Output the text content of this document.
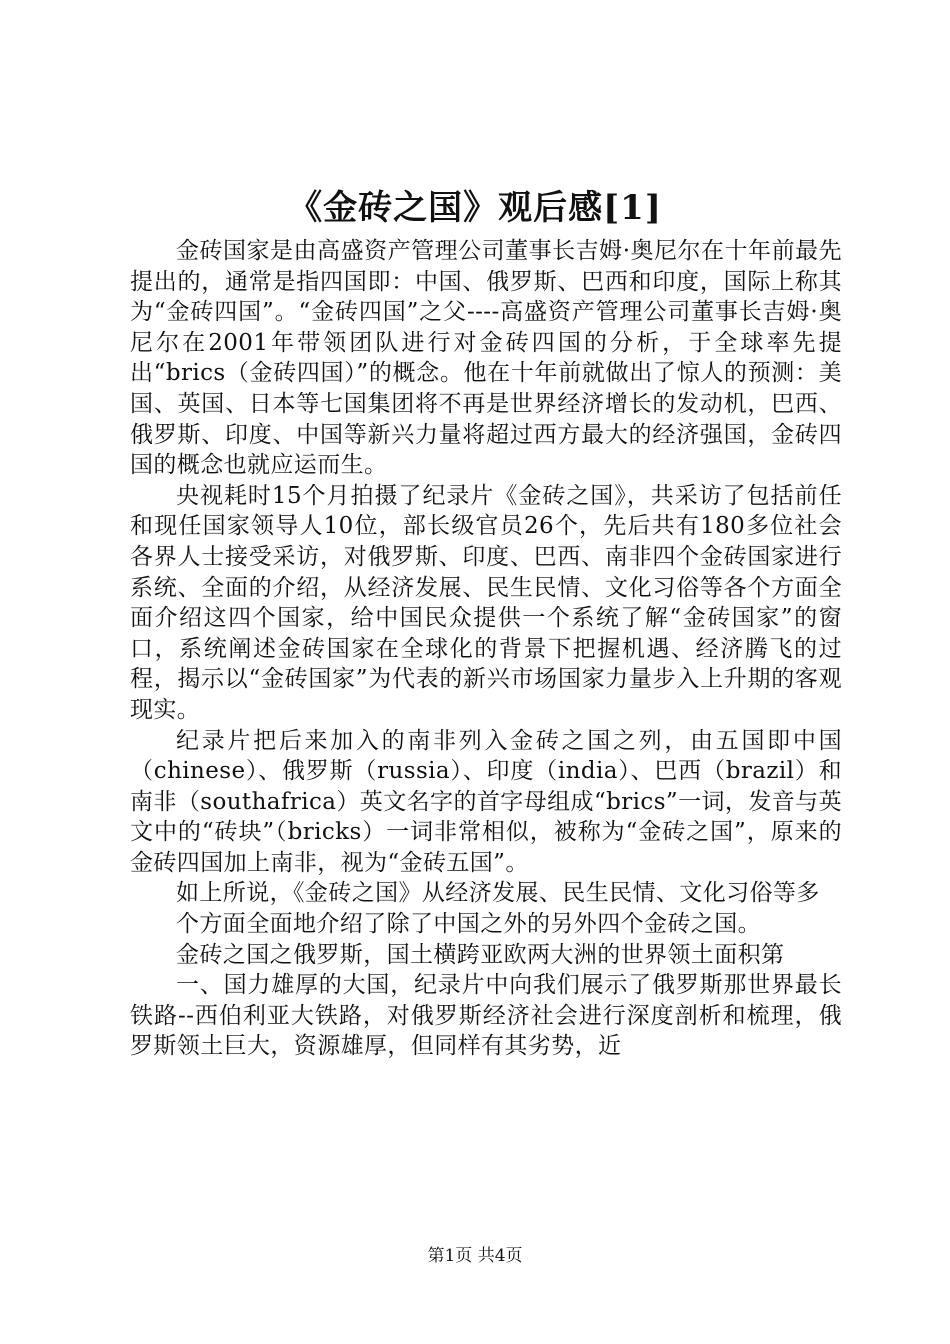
《金砖之国》观后感[1]

金砖国家是由高盛资产管理公司董事长吉姆·奥尼尔在十年前最先提出的，通常是指四国即：中国、俄罗斯、巴西和印度，国际上称其为“金砖四国”。“金砖四国”之父----高盛资产管理公司董事长吉姆·奥尼尔在2001年带领团队进行对金砖四国的分析，于全球率先提出“brics（金砖四国）”的概念。他在十年前就做出了惊人的预测：美国、英国、日本等七国集团将不再是世界经济增长的发动机，巴西、俄罗斯、印度、中国等新兴力量将超过西方最大的经济强国，金砖四国的概念也就应运而生。

央视耗时15个月拍摄了纪录片《金砖之国》，共采访了包括前任和现任国家领导人10位，部长级官员26个，先后共有180多位社会各界人士接受采访，对俄罗斯、印度、巴西、南非四个金砖国家进行系统、全面的介绍，从经济发展、民生民情、文化习俗等各个方面全面介绍这四个国家，给中国民众提供一个系统了解“金砖国家”的窗口，系统阐述金砖国家在全球化的背景下把握机遇、经济腾飞的过程，揭示以“金砖国家”为代表的新兴市场国家力量步入上升期的客观现实。

纪录片把后来加入的南非列入金砖之国之列，由五国即中国（chinese）、俄罗斯（russia）、印度（india）、巴西（brazil）和南非（southafrica）英文名字的首字母组成“brics”一词，发音与英文中的“砖块”（bricks）一词非常相似，被称为“金砖之国”，原来的金砖四国加上南非，视为“金砖五国”。

如上所说，《金砖之国》从经济发展、民生民情、文化习俗等多

个方面全面地介绍了除了中国之外的另外四个金砖之国。

金砖之国之俄罗斯，国土横跨亚欧两大洲的世界领土面积第

一、国力雄厚的大国，纪录片中向我们展示了俄罗斯那世界最长铁路--西伯利亚大铁路，对俄罗斯经济社会进行深度剖析和梳理，俄罗斯领土巨大，资源雄厚，但同样有其劣势，近

第1页 共4页
